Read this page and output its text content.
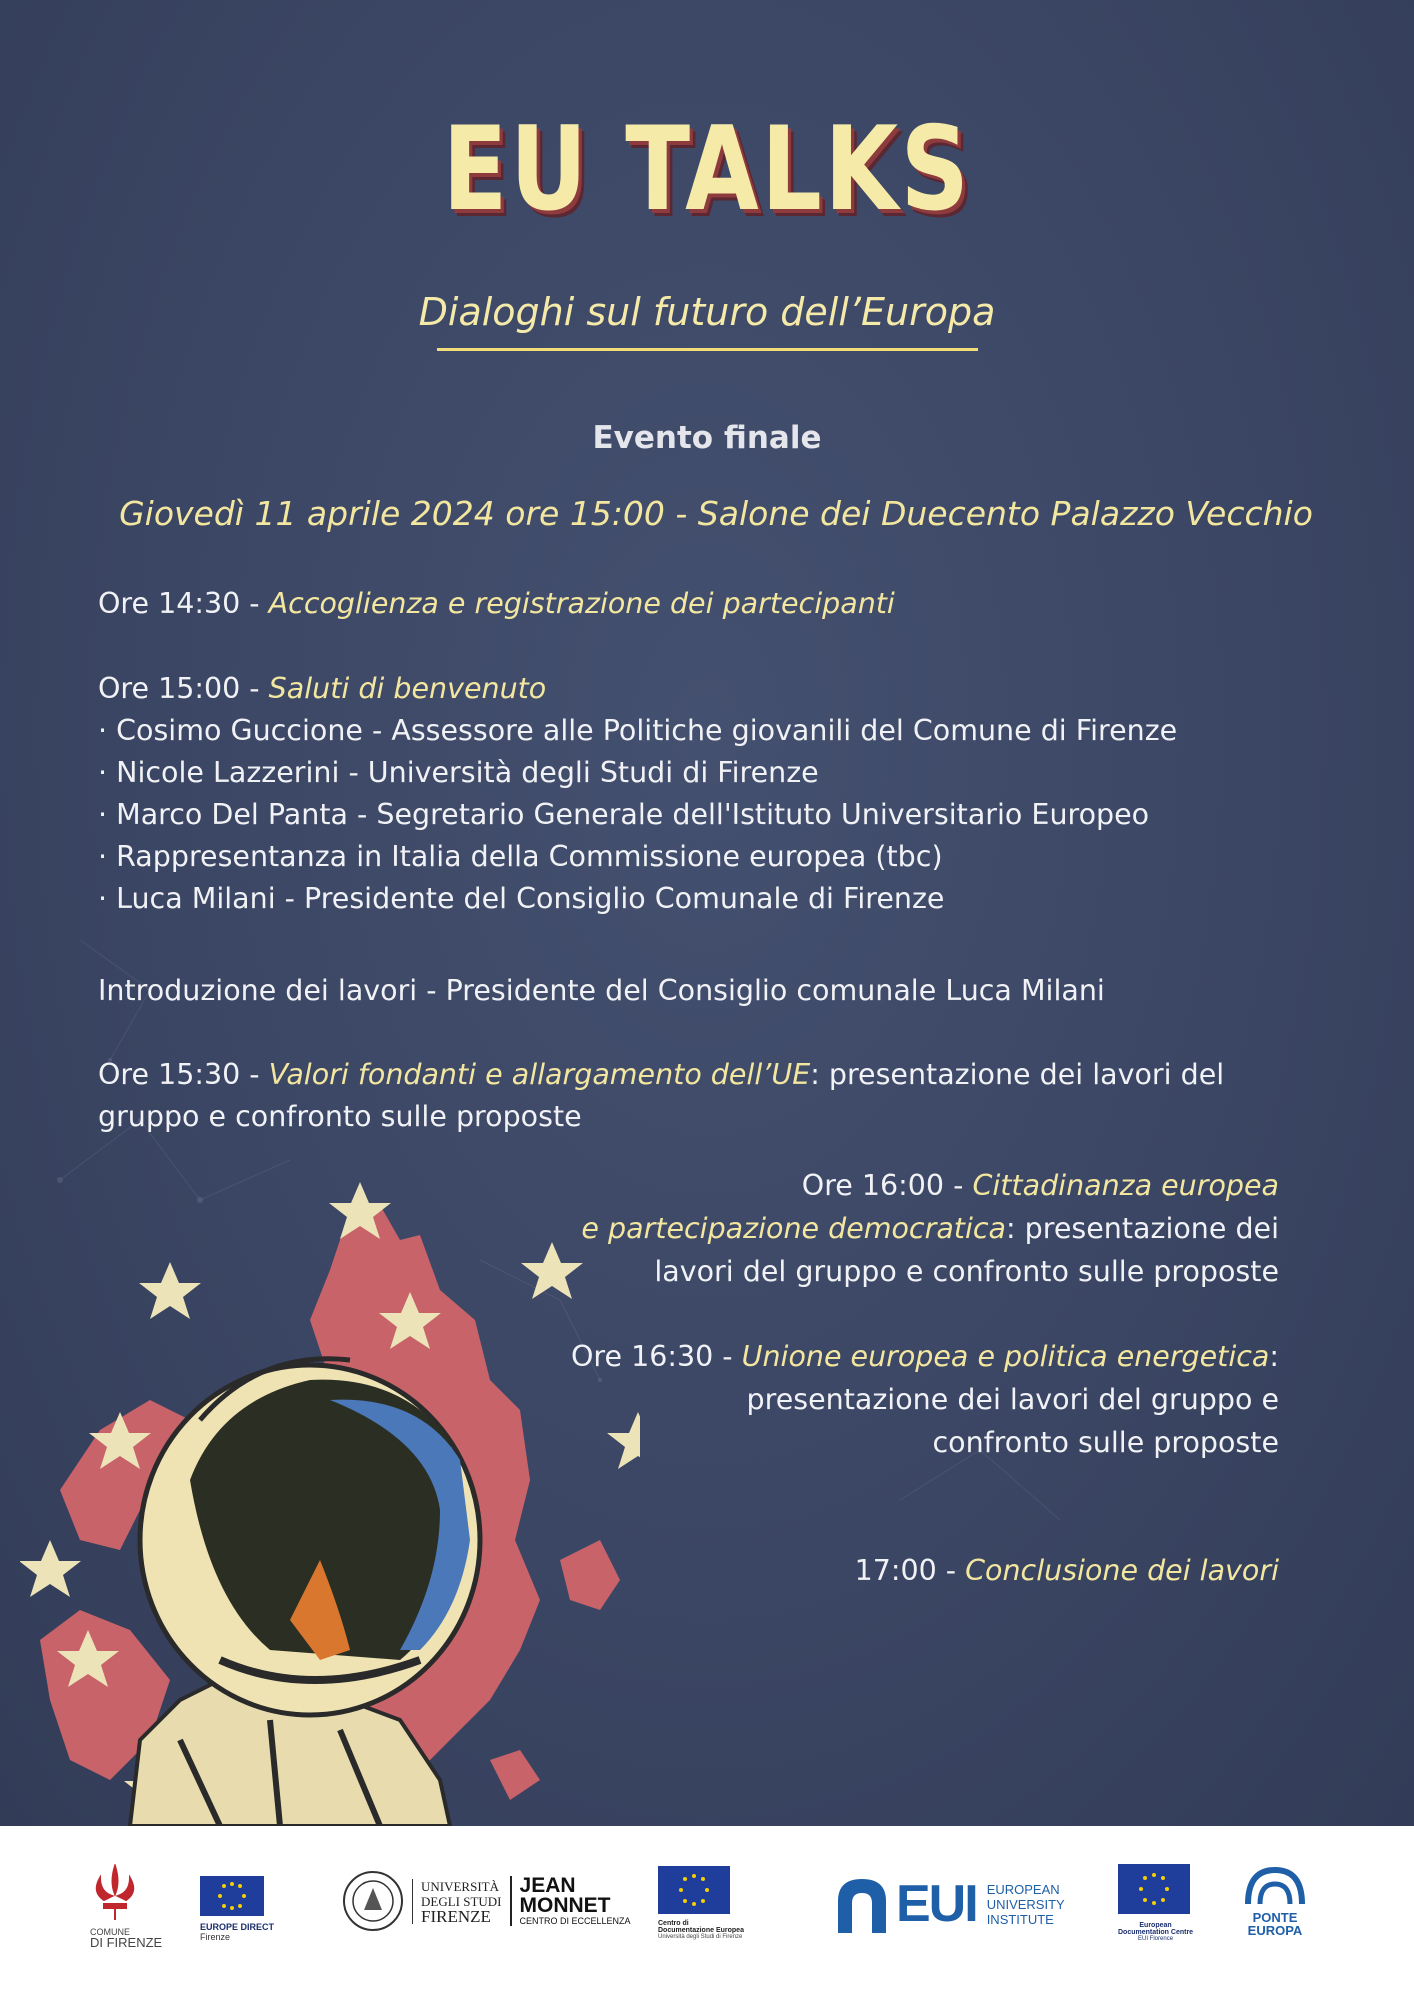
EU TALKS
Dialoghi sul futuro dell’Europa
Evento finale
Giovedì 11 aprile 2024 ore 15:00 - Salone dei Duecento Palazzo Vecchio
Ore 14:30 - Accoglienza e registrazione dei partecipanti
Ore 15:00 - Saluti di benvenuto
· Cosimo Guccione - Assessore alle Politiche giovanili del Comune di Firenze
· Nicole Lazzerini - Università degli Studi di Firenze
· Marco Del Panta - Segretario Generale dell'Istituto Universitario Europeo
· Rappresentanza in Italia della Commissione europea (tbc)
· Luca Milani - Presidente del Consiglio Comunale di Firenze
Introduzione dei lavori - Presidente del Consiglio comunale Luca Milani
Ore 15:30 - Valori fondanti e allargamento dell’UE: presentazione dei lavori del
gruppo e confronto sulle proposte
Ore 16:00 - Cittadinanza europea
e partecipazione democratica: presentazione dei
lavori del gruppo e confronto sulle proposte
Ore 16:30 - Unione europea e politica energetica:
presentazione dei lavori del gruppo e
confronto sulle proposte
17:00 - Conclusione dei lavori
COMUNE
DI FIRENZE
EUROPE DIRECT
Firenze
UNIVERSITÀ
DEGLI STUDI
FIRENZE
JEAN
MONNET
CENTRO DI ECCELLENZA	Centro di
Documentazione Europea
Università degli Studi di Firenze
EUI EUROPEAN
UNIVERSITY
INSTITUTE	European
Documentation Centre
EUI Florence
PONTE
EUROPA
